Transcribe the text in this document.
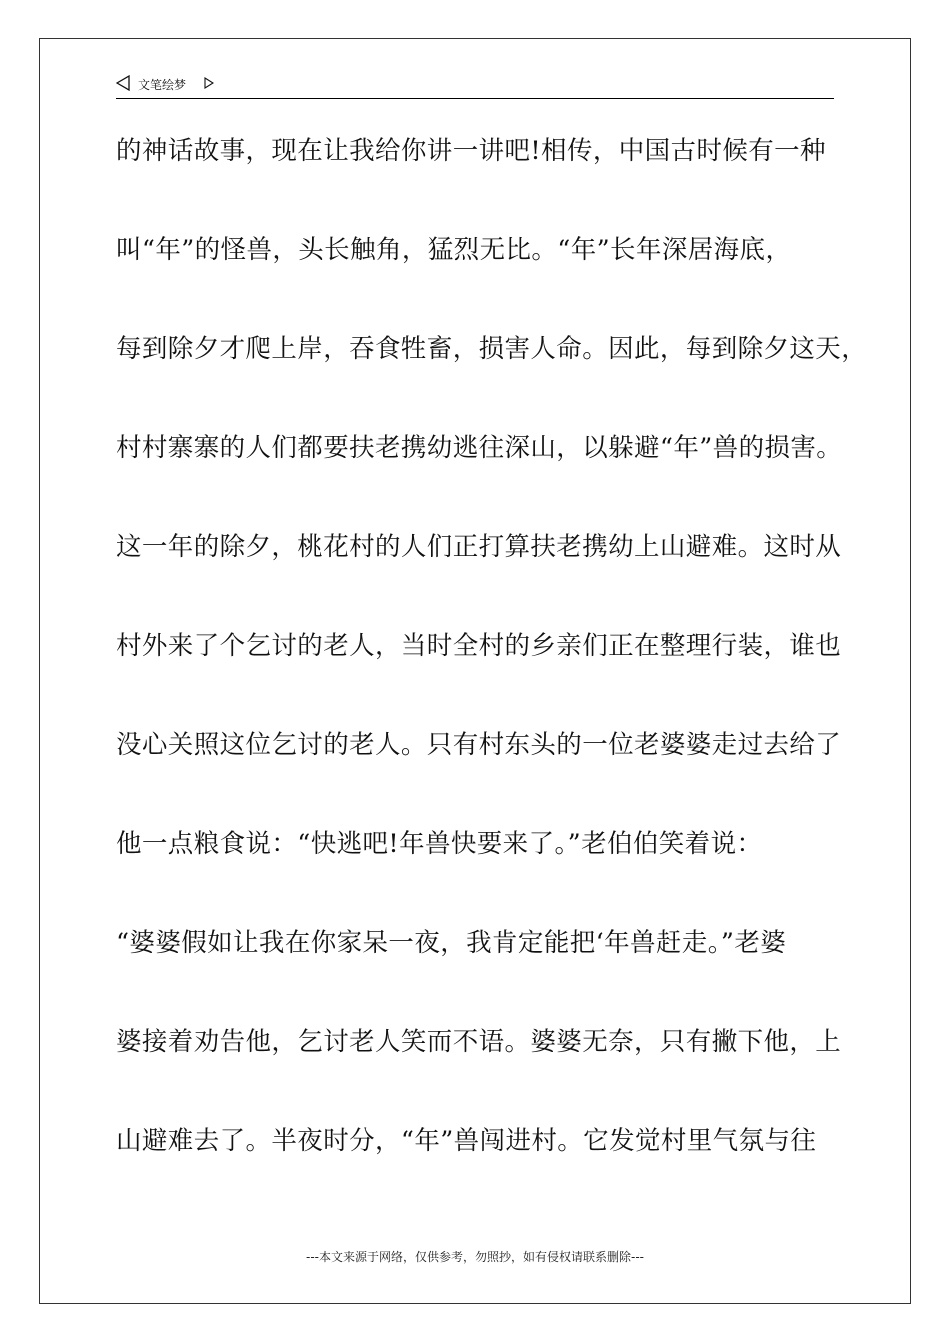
文笔绘梦
的神话故事，现在让我给你讲一讲吧!相传，中国古时候有一种
叫“年”的怪兽，头长触角，猛烈无比。“年”长年深居海底，
每到除夕才爬上岸，吞食牲畜，损害人命。因此，每到除夕这天，
村村寨寨的人们都要扶老携幼逃往深山，以躲避“年”兽的损害。
这一年的除夕，桃花村的人们正打算扶老携幼上山避难。这时从
村外来了个乞讨的老人，当时全村的乡亲们正在整理行装，谁也
没心关照这位乞讨的老人。只有村东头的一位老婆婆走过去给了
他一点粮食说：“快逃吧!年兽快要来了。”老伯伯笑着说：
“婆婆假如让我在你家呆一夜，我肯定能把‘年兽赶走。”老婆
婆接着劝告他，乞讨老人笑而不语。婆婆无奈，只有撇下他，上
山避难去了。半夜时分，“年”兽闯进村。它发觉村里气氛与往
---本文来源于网络，仅供参考，勿照抄，如有侵权请联系删除---
